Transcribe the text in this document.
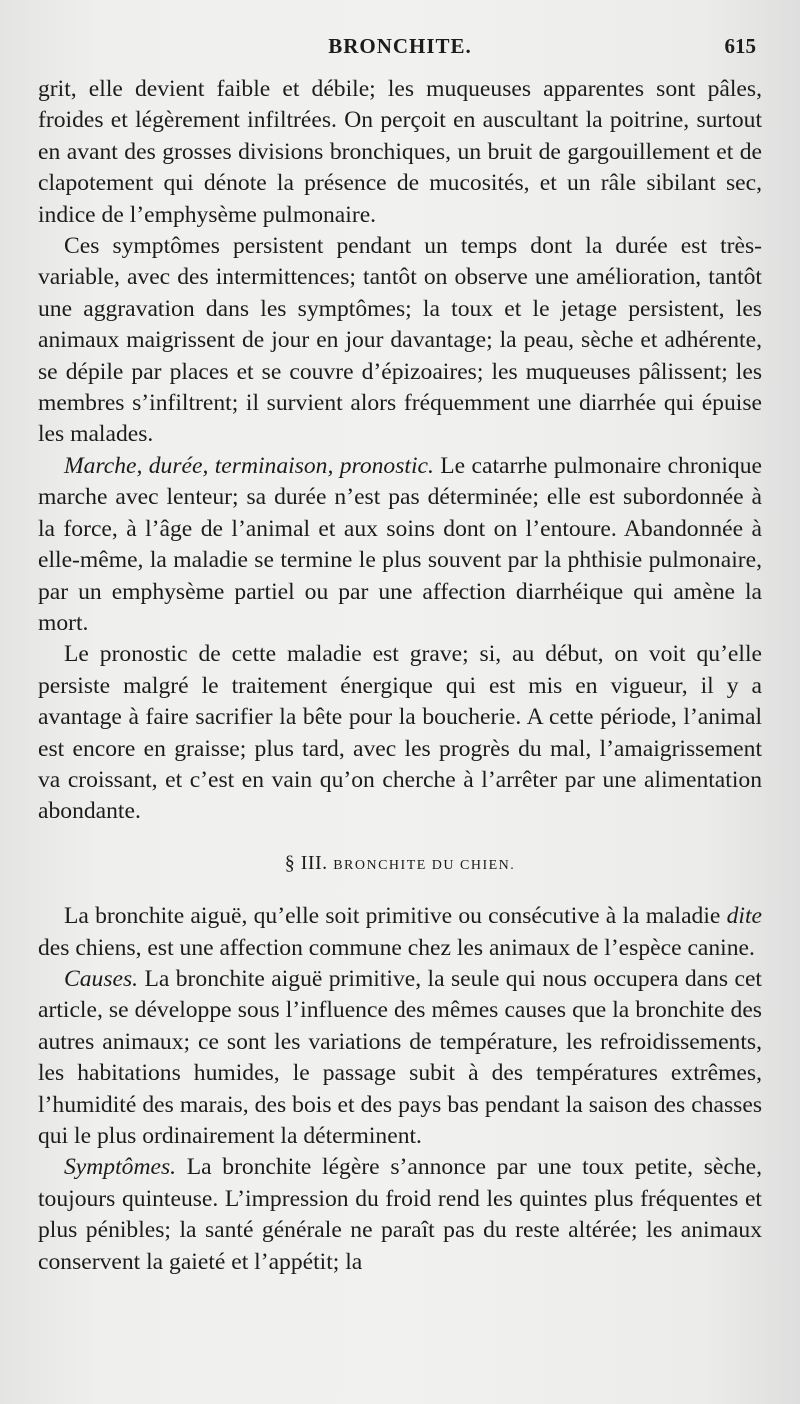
BRONCHITE.	615

grit, elle devient faible et débile; les muqueuses apparentes sont pâles, froides et légèrement infiltrées. On perçoit en auscultant la poitrine, surtout en avant des grosses divisions bronchiques, un bruit de gargouillement et de clapotement qui dénote la présence de mucosités, et un râle sibilant sec, indice de l’emphysème pulmonaire.

Ces symptômes persistent pendant un temps dont la durée est très-variable, avec des intermittences; tantôt on observe une amélioration, tantôt une aggravation dans les symptômes; la toux et le jetage persistent, les animaux maigrissent de jour en jour davantage; la peau, sèche et adhérente, se dépile par places et se couvre d’épizoaires; les muqueuses pâlissent; les membres s’infiltrent; il survient alors fréquemment une diarrhée qui épuise les malades.

Marche, durée, terminaison, pronostic. Le catarrhe pulmonaire chronique marche avec lenteur; sa durée n’est pas déterminée; elle est subordonnée à la force, à l’âge de l’animal et aux soins dont on l’entoure. Abandonnée à elle-même, la maladie se termine le plus souvent par la phthisie pulmonaire, par un emphysème partiel ou par une affection diarrhéique qui amène la mort.

Le pronostic de cette maladie est grave; si, au début, on voit qu’elle persiste malgré le traitement énergique qui est mis en vigueur, il y a avantage à faire sacrifier la bête pour la boucherie. A cette période, l’animal est encore en graisse; plus tard, avec les progrès du mal, l’amaigrissement va croissant, et c’est en vain qu’on cherche à l’arrêter par une alimentation abondante.

§ III. BRONCHITE DU CHIEN.

La bronchite aiguë, qu’elle soit primitive ou consécutive à la maladie dite des chiens, est une affection commune chez les animaux de l’espèce canine.

Causes. La bronchite aiguë primitive, la seule qui nous occupera dans cet article, se développe sous l’influence des mêmes causes que la bronchite des autres animaux; ce sont les variations de température, les refroidissements, les habitations humides, le passage subit à des températures extrêmes, l’humidité des marais, des bois et des pays bas pendant la saison des chasses qui le plus ordinairement la déterminent.

Symptômes. La bronchite légère s’annonce par une toux petite, sèche, toujours quinteuse. L’impression du froid rend les quintes plus fréquentes et plus pénibles; la santé générale ne paraît pas du reste altérée; les animaux conservent la gaieté et l’appétit; la
